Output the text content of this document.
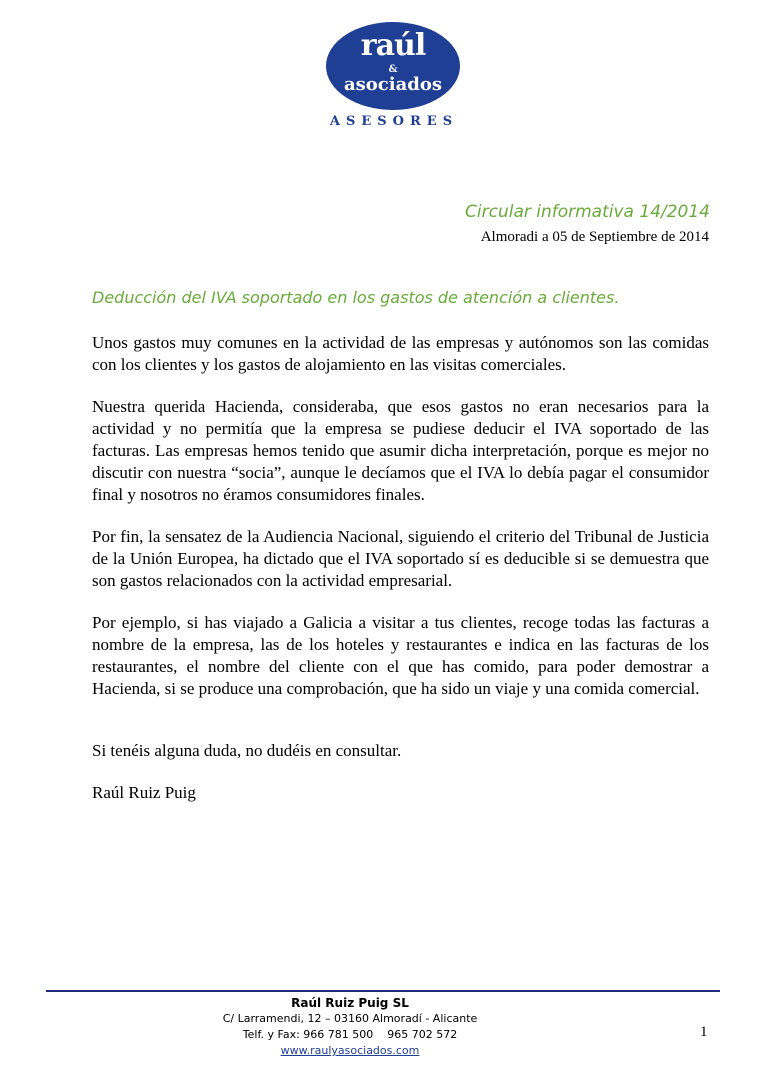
raúl
&
asociados
ASESORES
Circular informativa 14/2014
Almoradi a 05 de Septiembre de 2014
Deducción del IVA soportado en los gastos de atención a clientes.

Unos gastos muy comunes en la actividad de las empresas y autónomos son las comidas con los clientes y los gastos de alojamiento en las visitas comerciales.

Nuestra querida Hacienda, consideraba, que esos gastos no eran necesarios para la actividad y no permitía que la empresa se pudiese deducir el IVA soportado de las facturas. Las empresas hemos tenido que asumir dicha interpretación, porque es mejor no discutir con nuestra “socia”, aunque le decíamos que el IVA lo debía pagar el consumidor final y nosotros no éramos consumidores finales.

Por fin, la sensatez de la Audiencia Nacional, siguiendo el criterio del Tribunal de Justicia de la Unión Europea, ha dictado que el IVA soportado sí es deducible si se demuestra que son gastos relacionados con la actividad empresarial.

Por ejemplo, si has viajado a Galicia a visitar a tus clientes, recoge todas las facturas a nombre de la empresa, las de los hoteles y restaurantes e indica en las facturas de los restaurantes, el nombre del cliente con el que has comido, para poder demostrar a Hacienda, si se produce una comprobación, que ha sido un viaje y una comida comercial.

Si tenéis alguna duda, no dudéis en consultar.

Raúl Ruiz Puig

Raúl Ruiz Puig SL
C/ Larramendi, 12 – 03160 Almoradí - Alicante
Telf. y Fax: 966 781 500    965 702 572
www.raulyasociados.com
1
